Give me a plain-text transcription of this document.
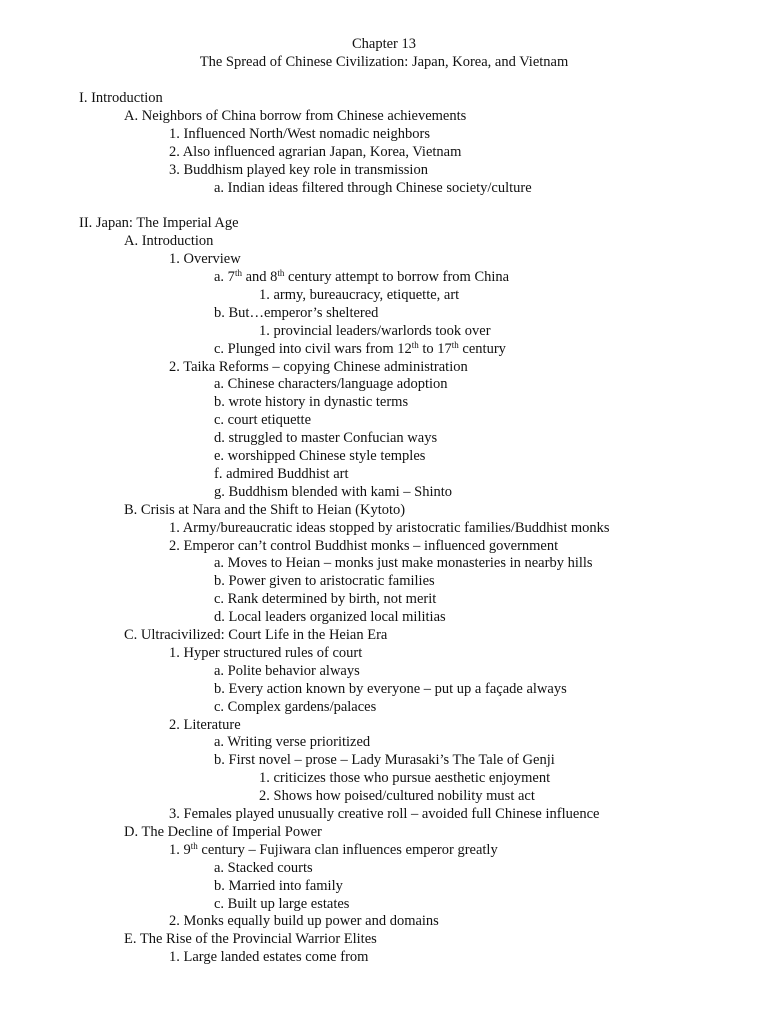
Chapter 13
The Spread of Chinese Civilization: Japan, Korea, and Vietnam
I. Introduction
A. Neighbors of China borrow from Chinese achievements
1. Influenced North/West nomadic neighbors
2. Also influenced agrarian Japan, Korea, Vietnam
3. Buddhism played key role in transmission
a. Indian ideas filtered through Chinese society/culture
II. Japan: The Imperial Age
A. Introduction
1. Overview
a. 7th and 8th century attempt to borrow from China
1. army, bureaucracy, etiquette, art
b. But…emperor’s sheltered
1. provincial leaders/warlords took over
c. Plunged into civil wars from 12th to 17th century
2. Taika Reforms – copying Chinese administration
a. Chinese characters/language adoption
b. wrote history in dynastic terms
c. court etiquette
d. struggled to master Confucian ways
e. worshipped Chinese style temples
f. admired Buddhist art
g. Buddhism blended with kami – Shinto
B. Crisis at Nara and the Shift to Heian (Kytoto)
1. Army/bureaucratic ideas stopped by aristocratic families/Buddhist monks
2. Emperor can’t control Buddhist monks – influenced government
a. Moves to Heian – monks just make monasteries in nearby hills
b. Power given to aristocratic families
c. Rank determined by birth, not merit
d. Local leaders organized local militias
C. Ultracivilized: Court Life in the Heian Era
1. Hyper structured rules of court
a. Polite behavior always
b. Every action known by everyone – put up a façade always
c. Complex gardens/palaces
2. Literature
a. Writing verse prioritized
b. First novel – prose – Lady Murasaki’s The Tale of Genji
1. criticizes those who pursue aesthetic enjoyment
2. Shows how poised/cultured nobility must act
3. Females played unusually creative roll – avoided full Chinese influence
D. The Decline of Imperial Power
1. 9th century – Fujiwara clan influences emperor greatly
a. Stacked courts
b. Married into family
c. Built up large estates
2. Monks equally build up power and domains
E. The Rise of the Provincial Warrior Elites
1. Large landed estates come from
